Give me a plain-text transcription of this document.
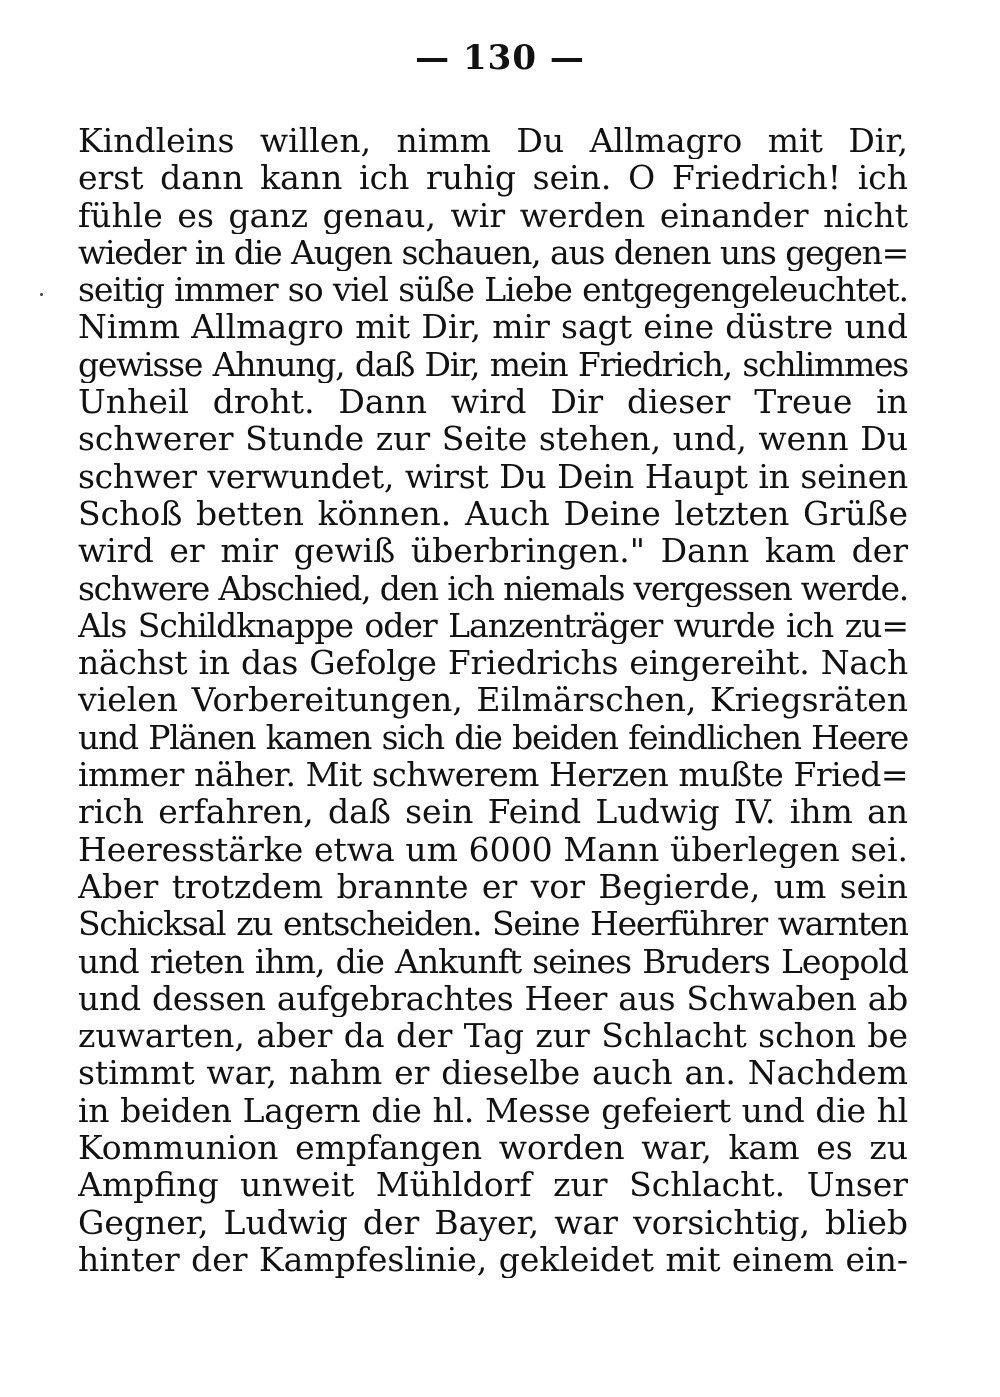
— 130 —
Kindleins willen, nimm Du Allmagro mit Dir,
erst dann kann ich ruhig sein. O Friedrich! ich
fühle es ganz genau, wir werden einander nicht
wieder in die Augen schauen, aus denen uns gegen=
seitig immer so viel süße Liebe entgegengeleuchtet.
Nimm Allmagro mit Dir, mir sagt eine düstre und
gewisse Ahnung, daß Dir, mein Friedrich, schlimmes
Unheil droht. Dann wird Dir dieser Treue in
schwerer Stunde zur Seite stehen, und, wenn Du
schwer verwundet, wirst Du Dein Haupt in seinen
Schoß betten können. Auch Deine letzten Grüße
wird er mir gewiß überbringen." Dann kam der
schwere Abschied, den ich niemals vergessen werde.
Als Schildknappe oder Lanzenträger wurde ich zu=
nächst in das Gefolge Friedrichs eingereiht. Nach
vielen Vorbereitungen, Eilmärschen, Kriegsräten
und Plänen kamen sich die beiden feindlichen Heere
immer näher. Mit schwerem Herzen mußte Fried=
rich erfahren, daß sein Feind Ludwig IV. ihm an
Heeresstärke etwa um 6000 Mann überlegen sei.
Aber trotzdem brannte er vor Begierde, um sein
Schicksal zu entscheiden. Seine Heerführer warnten
und rieten ihm, die Ankunft seines Bruders Leopold
und dessen aufgebrachtes Heer aus Schwaben ab
zuwarten, aber da der Tag zur Schlacht schon be
stimmt war, nahm er dieselbe auch an. Nachdem
in beiden Lagern die hl. Messe gefeiert und die hl
Kommunion empfangen worden war, kam es zu
Ampfing unweit Mühldorf zur Schlacht. Unser
Gegner, Ludwig der Bayer, war vorsichtig, blieb
hinter der Kampfeslinie, gekleidet mit einem ein-
